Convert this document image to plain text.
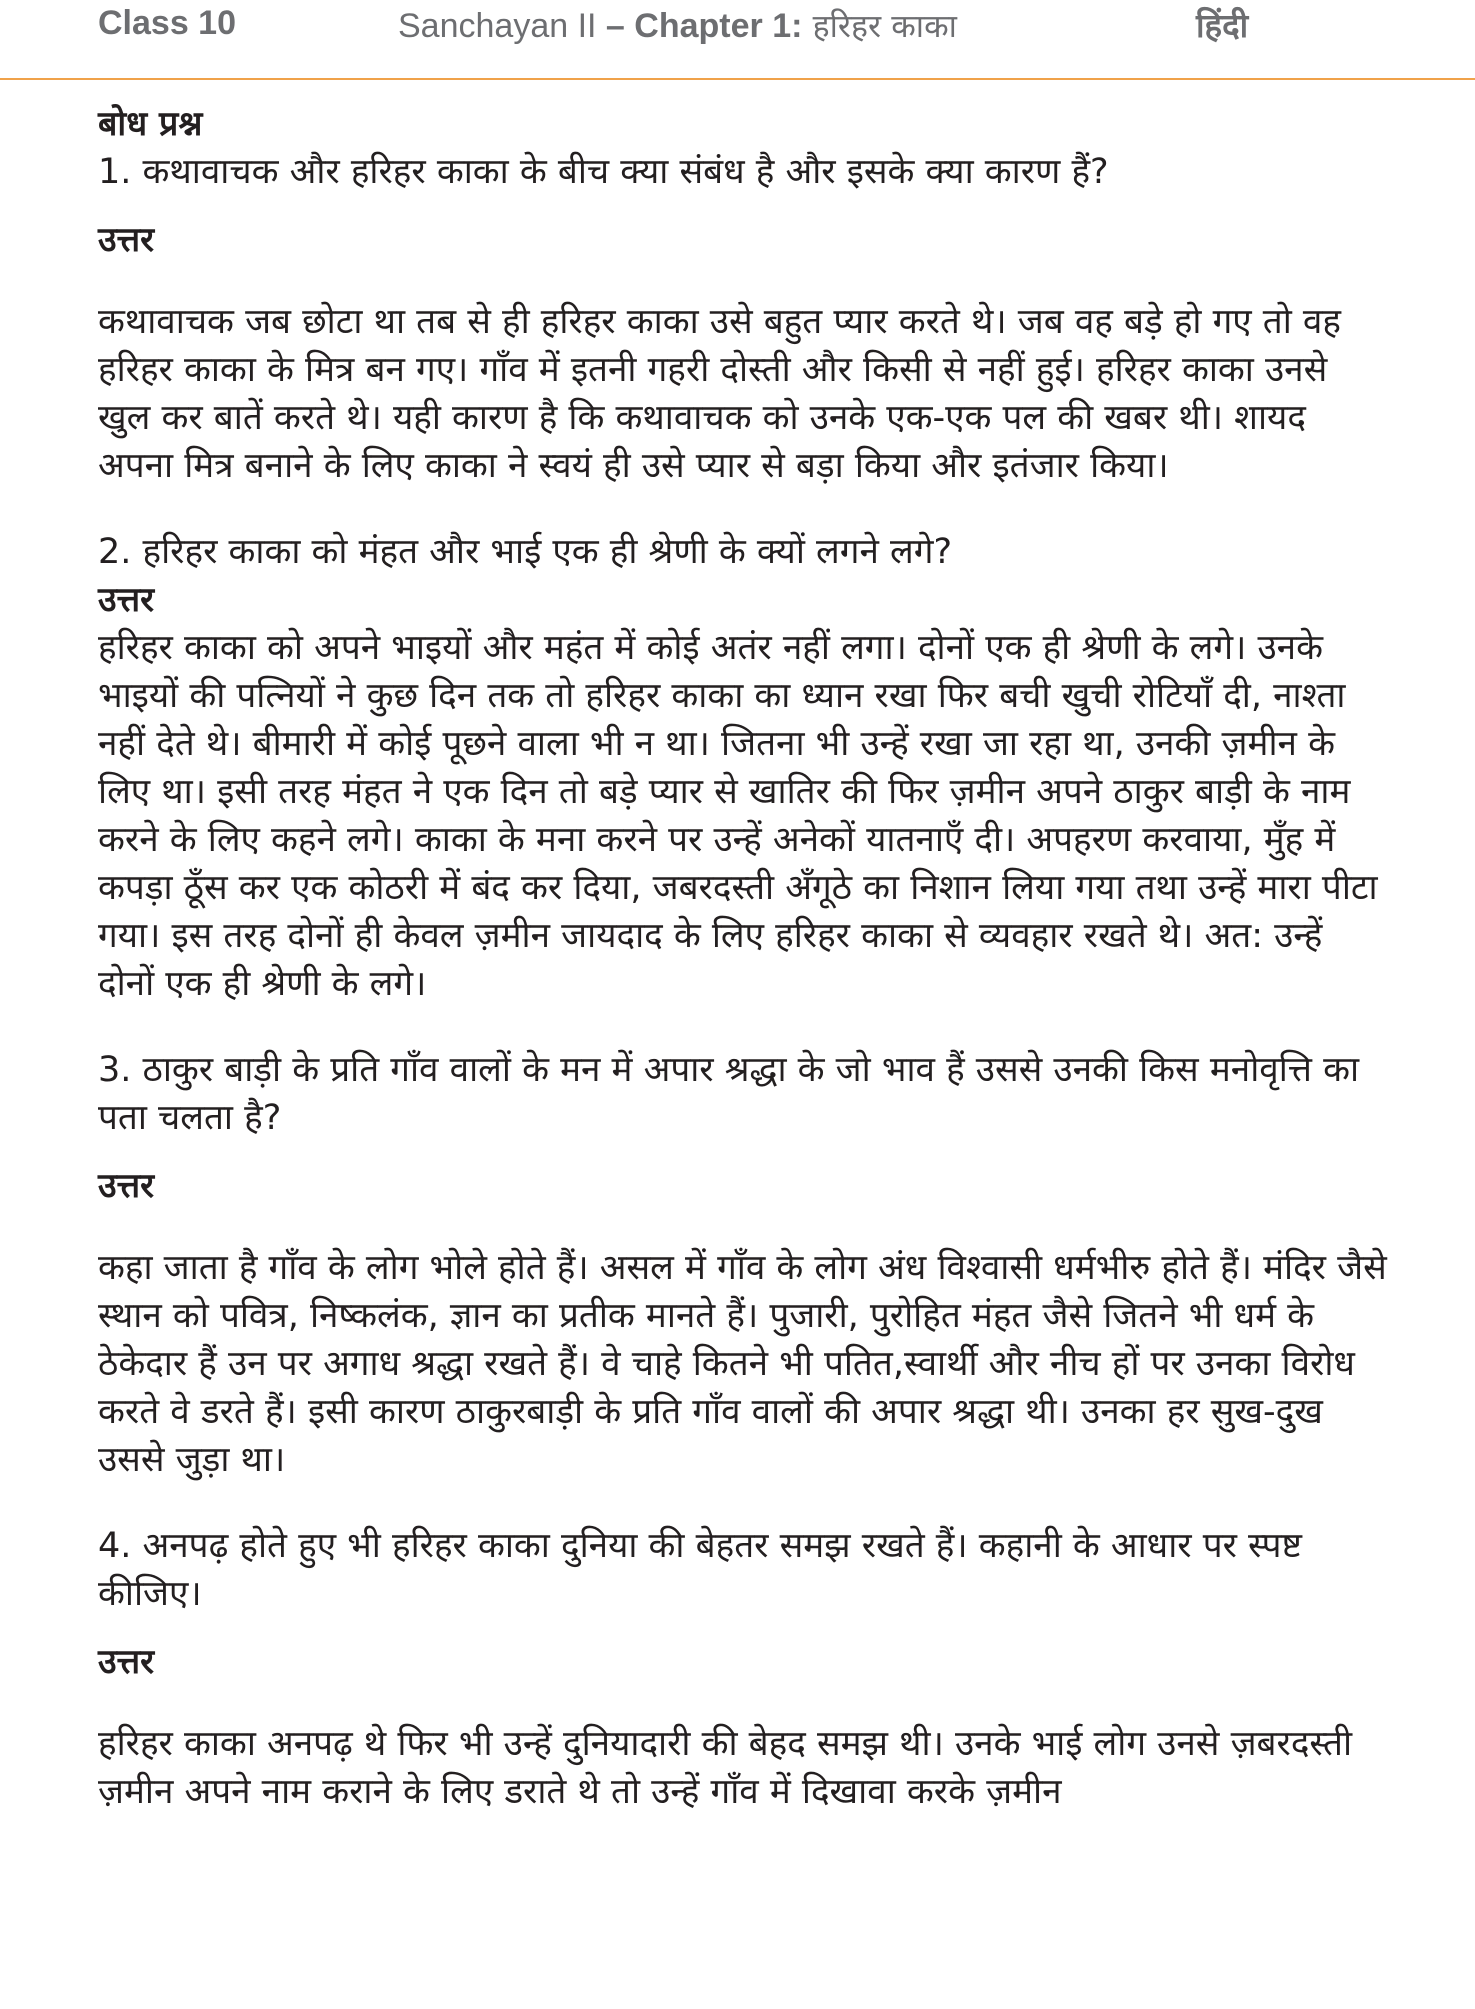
Class 10	Sanchayan II – Chapter 1: हरिहर काका	हिंदी

बोध प्रश्न

1. कथावाचक और हरिहर काका के बीच क्या संबंध है और इसके क्या कारण हैं?

उत्तर

कथावाचक जब छोटा था तब से ही हरिहर काका उसे बहुत प्यार करते थे। जब वह बड़े हो गए तो वह हरिहर काका के मित्र बन गए। गाँव में इतनी गहरी दोस्ती और किसी से नहीं हुई। हरिहर काका उनसे खुल कर बातें करते थे। यही कारण है कि कथावाचक को उनके एक-एक पल की खबर थी। शायद अपना मित्र बनाने के लिए काका ने स्वयं ही उसे प्यार से बड़ा किया और इतंजार किया।

2. हरिहर काका को मंहत और भाई एक ही श्रेणी के क्यों लगने लगे?

उत्तर

हरिहर काका को अपने भाइयों और महंत में कोई अतंर नहीं लगा। दोनों एक ही श्रेणी के लगे। उनके भाइयों की पत्नियों ने कुछ दिन तक तो हरिहर काका का ध्यान रखा फिर बची खुची रोटियाँ दी, नाश्ता नहीं देते थे। बीमारी में कोई पूछने वाला भी न था। जितना भी उन्हें रखा जा रहा था, उनकी ज़मीन के लिए था। इसी तरह मंहत ने एक दिन तो बड़े प्यार से खातिर की फिर ज़मीन अपने ठाकुर बाड़ी के नाम करने के लिए कहने लगे। काका के मना करने पर उन्हें अनेकों यातनाएँ दी। अपहरण करवाया, मुँह में कपड़ा ठूँस कर एक कोठरी में बंद कर दिया, जबरदस्ती अँगूठे का निशान लिया गया तथा उन्हें मारा पीटा गया। इस तरह दोनों ही केवल ज़मीन जायदाद के लिए हरिहर काका से व्यवहार रखते थे। अत: उन्हें दोनों एक ही श्रेणी के लगे।

3. ठाकुर बाड़ी के प्रति गाँव वालों के मन में अपार श्रद्धा के जो भाव हैं उससे उनकी किस मनोवृत्ति का पता चलता है?

उत्तर

कहा जाता है गाँव के लोग भोले होते हैं। असल में गाँव के लोग अंध विश्वासी धर्मभीरु होते हैं। मंदिर जैसे स्थान को पवित्र, निष्कलंक, ज्ञान का प्रतीक मानते हैं। पुजारी, पुरोहित मंहत जैसे जितने भी धर्म के ठेकेदार हैं उन पर अगाध श्रद्धा रखते हैं। वे चाहे कितने भी पतित,स्वार्थी और नीच हों पर उनका विरोध करते वे डरते हैं। इसी कारण ठाकुरबाड़ी के प्रति गाँव वालों की अपार श्रद्धा थी। उनका हर सुख-दुख उससे जुड़ा था।

4. अनपढ़ होते हुए भी हरिहर काका दुनिया की बेहतर समझ रखते हैं। कहानी के आधार पर स्पष्ट कीजिए।

उत्तर

हरिहर काका अनपढ़ थे फिर भी उन्हें दुनियादारी की बेहद समझ थी। उनके भाई लोग उनसे ज़बरदस्ती ज़मीन अपने नाम कराने के लिए डराते थे तो उन्हें गाँव में दिखावा करके ज़मीन
